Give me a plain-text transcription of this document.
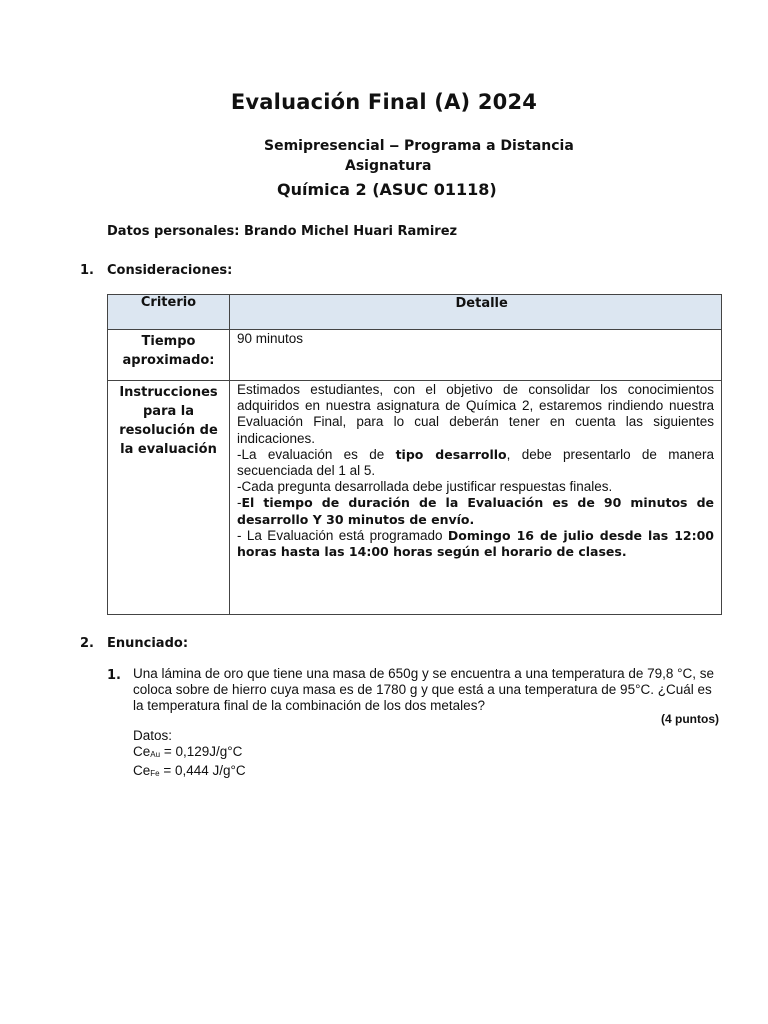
Evaluación Final (A) 2024
Semipresencial ‒ Programa a Distancia
Asignatura
Química 2 (ASUC 01118)
Datos personales: Brando Michel Huari Ramirez
1. Consideraciones:
Criterio	Detalle
Tiempo aproximado:	90 minutos
Instrucciones para la resolución de la evaluación	Estimados estudiantes, con el objetivo de consolidar los conocimientos adquiridos en nuestra asignatura de Química 2, estaremos rindiendo nuestra Evaluación Final, para lo cual deberán tener en cuenta las siguientes indicaciones.

-La evaluación es de tipo desarrollo, debe presentarlo de manera secuenciada del 1 al 5.

-Cada pregunta desarrollada debe justificar respuestas finales.

-El tiempo de duración de la Evaluación es de 90 minutos de desarrollo Y 30 minutos de envío.

- La Evaluación está programado Domingo 16 de julio desde las 12:00 horas hasta las 14:00 horas según el horario de clases.

2. Enunciado:
1. Una lámina de oro que tiene una masa de 650g y se encuentra a una temperatura de 79,8 °C, se coloca sobre de hierro cuya masa es de 1780 g y que está a una temperatura de 95°C. ¿Cuál es la temperatura final de la combinación de los dos metales?
(4 puntos)
Datos:
$Ce_{Au} = 0,129J/g^\circ C$
$Ce_{Fe} = 0,444$ J/g°C
